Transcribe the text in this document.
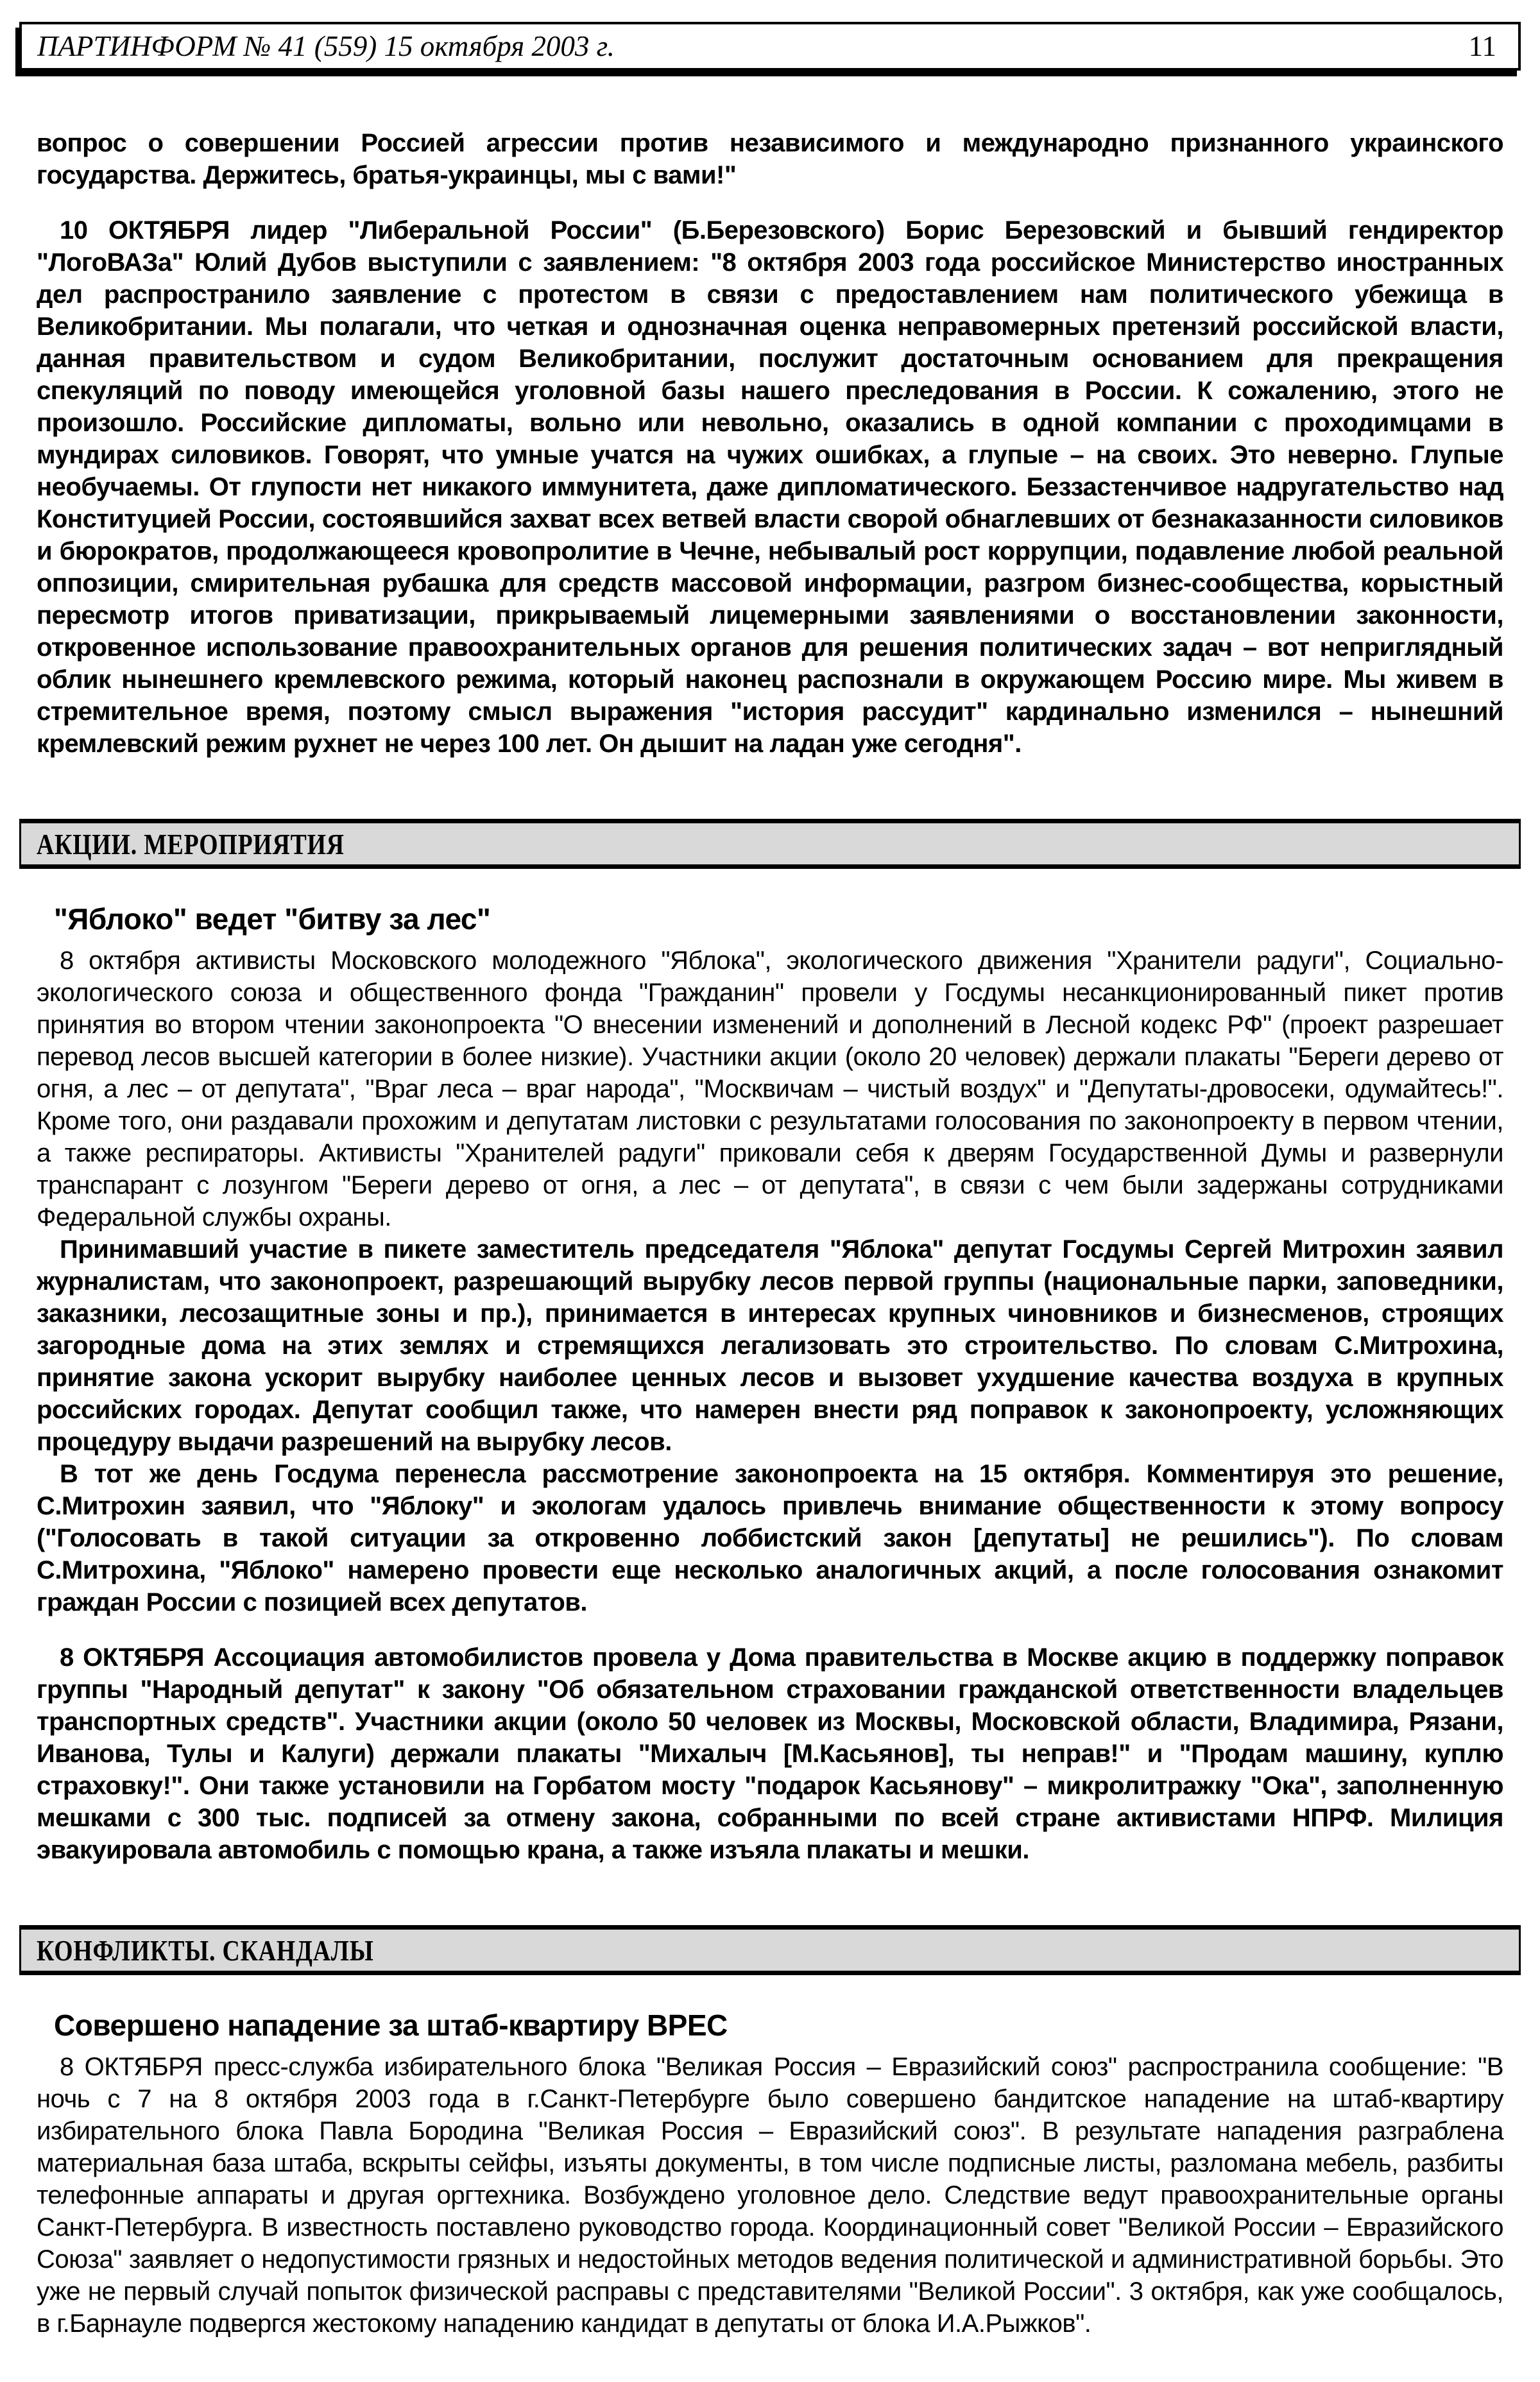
ПАРТИНФОРМ № 41 (559) 15 октября 2003 г.	11

вопрос о совершении Россией агрессии против независимого и международно признанного украинского государства. Держитесь, братья-украинцы, мы с вами!"

10 ОКТЯБРЯ лидер "Либеральной России" (Б.Березовского) Борис Березовский и бывший гендиректор "ЛогоВАЗа" Юлий Дубов выступили с заявлением: "8 октября 2003 года российское Министерство иностранных дел распространило заявление с протестом в связи с предоставлением нам политического убежища в Великобритании. Мы полагали, что четкая и однозначная оценка неправомерных претензий российской власти, данная правительством и судом Великобритании, послужит достаточным основанием для прекращения спекуляций по поводу имеющейся уголовной базы нашего преследования в России. К сожалению, этого не произошло. Российские дипломаты, вольно или невольно, оказались в одной компании с проходимцами в мундирах силовиков. Говорят, что умные учатся на чужих ошибках, а глупые – на своих. Это неверно. Глупые необучаемы. От глупости нет никакого иммунитета, даже дипломатического. Беззастенчивое надругательство над Конституцией России, состоявшийся захват всех ветвей власти сворой обнаглевших от безнаказанности силовиков и бюрократов, продолжающееся кровопролитие в Чечне, небывалый рост коррупции, подавление любой реальной оппозиции, смирительная рубашка для средств массовой информации, разгром бизнес-сообщества, корыстный пересмотр итогов приватизации, прикрываемый лицемерными заявлениями о восстановлении законности, откровенное использование правоохранительных органов для решения политических задач – вот неприглядный облик нынешнего кремлевского режима, который наконец распознали в окружающем Россию мире. Мы живем в стремительное время, поэтому смысл выражения "история рассудит" кардинально изменился – нынешний кремлевский режим рухнет не через 100 лет. Он дышит на ладан уже сегодня".

АКЦИИ. МЕРОПРИЯТИЯ
"Яблоко" ведет "битву за лес"

8 октября активисты Московского молодежного "Яблока", экологического движения "Хранители радуги", Социально-экологического союза и общественного фонда "Гражданин" провели у Госдумы несанкционированный пикет против принятия во втором чтении законопроекта "О внесении изменений и дополнений в Лесной кодекс РФ" (проект разрешает перевод лесов высшей категории в более низкие). Участники акции (около 20 человек) держали плакаты "Береги дерево от огня, а лес – от депутата", "Враг леса – враг народа", "Москвичам – чистый воздух" и "Депутаты-дровосеки, одумайтесь!". Кроме того, они раздавали прохожим и депутатам листовки с результатами голосования по законопроекту в первом чтении, а также респираторы. Активисты "Хранителей радуги" приковали себя к дверям Государственной Думы и развернули транспарант с лозунгом "Береги дерево от огня, а лес – от депутата", в связи с чем были задержаны сотрудниками Федеральной службы охраны.

Принимавший участие в пикете заместитель председателя "Яблока" депутат Госдумы Сергей Митрохин заявил журналистам, что законопроект, разрешающий вырубку лесов первой группы (национальные парки, заповедники, заказники, лесозащитные зоны и пр.), принимается в интересах крупных чиновников и бизнесменов, строящих загородные дома на этих землях и стремящихся легализовать это строительство. По словам С.Митрохина, принятие закона ускорит вырубку наиболее ценных лесов и вызовет ухудшение качества воздуха в крупных российских городах. Депутат сообщил также, что намерен внести ряд поправок к законопроекту, усложняющих процедуру выдачи разрешений на вырубку лесов.

В тот же день Госдума перенесла рассмотрение законопроекта на 15 октября. Комментируя это решение, С.Митрохин заявил, что "Яблоку" и экологам удалось привлечь внимание общественности к этому вопросу ("Голосовать в такой ситуации за откровенно лоббистский закон [депутаты] не решились"). По словам С.Митрохина, "Яблоко" намерено провести еще несколько аналогичных акций, а после голосования ознакомит граждан России с позицией всех депутатов.

8 ОКТЯБРЯ Ассоциация автомобилистов провела у Дома правительства в Москве акцию в поддержку поправок группы "Народный депутат" к закону "Об обязательном страховании гражданской ответственности владельцев транспортных средств". Участники акции (около 50 человек из Москвы, Московской области, Владимира, Рязани, Иванова, Тулы и Калуги) держали плакаты "Михалыч [М.Касьянов], ты неправ!" и "Продам машину, куплю страховку!". Они также установили на Горбатом мосту "подарок Касьянову" – микролитражку "Ока", заполненную мешками с 300 тыс. подписей за отмену закона, собранными по всей стране активистами НПРФ. Милиция эвакуировала автомобиль с помощью крана, а также изъяла плакаты и мешки.

КОНФЛИКТЫ. СКАНДАЛЫ
Совершено нападение за штаб-квартиру ВРЕС

8 ОКТЯБРЯ пресс-служба избирательного блока "Великая Россия – Евразийский союз" распространила сообщение: "В ночь с 7 на 8 октября 2003 года в г.Санкт-Петербурге было совершено бандитское нападение на штаб-квартиру избирательного блока Павла Бородина "Великая Россия – Евразийский союз". В результате нападения разграблена материальная база штаба, вскрыты сейфы, изъяты документы, в том числе подписные листы, разломана мебель, разбиты телефонные аппараты и другая оргтехника. Возбуждено уголовное дело. Следствие ведут правоохранительные органы Санкт-Петербурга. В известность поставлено руководство города. Координационный совет "Великой России – Евразийского Союза" заявляет о недопустимости грязных и недостойных методов ведения политической и административной борьбы. Это уже не первый случай попыток физической расправы с представителями "Великой России". 3 октября, как уже сообщалось, в г.Барнауле подвергся жестокому нападению кандидат в депутаты от блока И.А.Рыжков".
